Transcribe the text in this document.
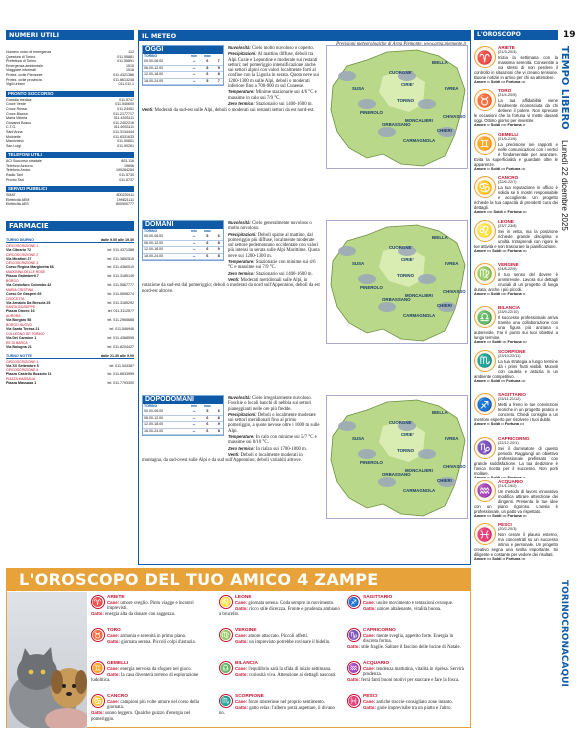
NUMERI UTILI
Numero unico di emergenza	112
Questura di Torino	011.55881
Prefettura di Torino	011.55891
Emergenza ambientale	1515
Viaggiare informati	1518
Protez. civile Piemonte	011.4321386
Protez. civile provincia	011.8613248
Vigili urbani	011.011.1
PRONTO SOCCORSO
Guardia medica	011.5747
Croce Verde	011.540600
Croce Rossa	011.24451
Croce Bianca	011.2177717
Maria Vittoria	011.4393111
Giovanni Bosco	011.2402216
C.T.O.	011.6933111
Sant'Anna	011.3134444
Molinette	011.6331633
Mauriziano	011.50801
San Luigi	011.90261
TELEFONI UTILI
ACI Soccorso stradale	803.116
Telefono Azzurro	19696
Telefono Amico	199284284
Radio Taxi	011.5730
Pronto Taxi	011.5737
SERVIZI PUBBLICI
SMAT	800239111
Elettricità AEM	199821111
Elettricità AES	800900777
FARMACIE
TURNO DIURNO	dalle 9.00 alle 19.30
CIRCOSCRIZIONE 1
Via Cibrario 72	tel. 011.4371388
CIRCOSCRIZIONE 2
Via Mirafiori 27	tel. 011.3852515
CIRCOSCRIZIONE 3
Corso Regina Margherita 66	tel. 011.4360010
MADONNA DELLE ROSE
Piazza Galimberti 7	tel. 011.3185149
BORGO
Via Cristoforo Colombo 42	tel. 011.5567777
MARIA CRISTINA
Corso De Gasperi 69	tel. 011.5598274
CROCETTA
Via Arnaldo Da Brescia 25	tel. 011.3185292
SANTA GIUSEPPE
Piazza Omero 16	tel. 011.3112577
AURORA
Via Borgaro 58	tel. 011.2965688
BORGO NUOVO
Via Santa Teresa 21	tel. 011.546946
COLLEGNO DE TORINO
Via Del Carmine 1	tel. 011.4368595
RE DI BARCA
Via Bologna 21	tel. 011.8204427
TURNO NOTTE	dalle 21.30 alle 9.00
CIRCOSCRIZIONE 1
Via XX Settembre 5	tel. 011.543387
CIRCOSCRIZIONE 6
Piazza Castello Bozzolo 11	tel. 011.6633959
PIAZZA MASSAUA
Piazza Massaua 1	tel. 011.7793300
IL METEO
Nuvolosità: Cielo molto nuvoloso o coperto.
Precipitazioni: Al mattino diffuse, deboli tra Alpi Cozie e Lepontine e moderate sui restanti settori; nel pomeriggio intensificazione anche sui settori alpini con valori localmente forti al confine con la Liguria in serata. Quota neve sui 1200-1300 m sulle Alpi, deboli o moderati inferiore fino a 700-900 m sul Cuneese.
Temperature: Minime stazionarie sui 4/6 °C e massime in calo sui 7/9 °C.
Zero termico: Stazionario sui 1400-1600 m.
Venti: Moderati da sud-est sulle Alpi, deboli o moderati sui restanti settori da est nord-est.
OGGI
TORINO	min	max	
00.00-06.00	☁	6	7
06.00-12.00	☁	8	9
12.00-18.00	☁	6	8
18.00-24.00	☁	5	7
SUSA
CUORGNE'
BIELLA
IVREA
TORINO
CIRIE'
CHIVASSO
PINEROLO
CARMAGNOLA
ORBASSANO
MONCALIERI
CHIERI
Nuvolosità: Cielo generalmente nuvoloso o molto nuvoloso.
Precipitazioni: Deboli sparse al mattino, dal pomeriggio più diffuse, localmente moderate sul settore pedemontano occidentale con valori più intensi in serata sulle Alpi Marittime. Quota neve sui 1200-1300 m.
Temperature: Stazionarie con minime sui 4/6 °C e massime sui 7/9 °C.
Zero termico: Stazionario sui 1400-1600 m.
Venti: Moderati meridionali sulle Alpi, in rotazione da sud-est dal pomeriggio; deboli o moderati da nord sull'Appennino, deboli da est nord-est altrove.
DOMANI
TORINO	min	max	
00.00-06.00	☁	5	6
06.00-12.00	☁	6	8
12.00-18.00	☁	6	9
18.00-24.00	☁	6	8
SUSA
CUORGNE'
BIELLA
IVREA
TORINO
CIRIE'
CHIVASSO
PINEROLO
CARMAGNOLA
ORBASSANO
MONCALIERI
CHIERI
Nuvolosità: Cielo irregolarmente nuvoloso. Foschie o locali banchi di nebbia sui settori pianeggianti nelle ore più fredde.
Precipitazioni: Deboli o localmente moderate sui settori meridionali fino al primo pomeriggio, a quote nevose oltre i 1000 m sulle Alpi.
Temperature: In calo con minime sui 5/7 °C e massime sui 8/10 °C.
Zero termico: In rialzo sui 1700-1800 m.
Venti: Deboli o localmente moderati in montagna, da sud-ovest sulle Alpi e da sud sull'Appennino; deboli variabili altrove.
DOPODOMANI
TORINO	min	max	
00.00-06.00	☁	5	6
06.00-12.00	☁	6	8
12.00-18.00	☁	6	9
18.00-24.00	☁	6	8
SUSA
CUORGNE'
BIELLA
IVREA
TORINO
CIRIE'
CHIVASSO
PINEROLO
CARMAGNOLA
ORBASSANO
MONCALIERI
CHIERI
L'OROSCOPO
♈
ARIETE
(21/3-20/4)
Inizia la settimana con la massima serenità. Consentite a voi stessi di non perdere il controllo in situazioni che vi creano tensione. Buone notizie in arrivo per chi sa attendere.
Amore •• Soldi ••• Fortuna •••
♉
TORO
(21/4-20/5)
La tua affidabilità viene finalmente riconosciuta da chi detiene il potere. Non sprecate le occasioni che la fortuna vi mette davanti oggi. Ottimo giorno per investire.
Amore •• Soldi •••• Fortuna ••
♊
GEMELLI
(21/5-21/6)
La precisione nei rapporti e nelle comunicazioni con i vertici è fondamentale per avanzare. Evita la superficialità e guardate oltre le apparenze.
Amore •• Soldi ••• Fortuna •••
♋
CANCRO
(22/6-22/7)
La tua reputazione in ufficio è solida se ti mostri responsabile e accogliente. Un progetto richiede la tua capacità di prenderti cura dei dettagli.
Amore •••• Soldi •• Fortuna •••
♌
LEONE
(23/7-23/8)
Sei in vetta, ma la posizione richiede grande disciplina e umiltà. Intraprendi con rigore le tue attività e non trascurare la pianificazione.
Amore ••• Soldi ••• Fortuna •••
♍
VERGINE
(24/8-22/9)
Il tuo senso del dovere è ammirevole. Lavora sui dettagli cruciali di un progetto di lunga durata, anche i più piccoli.
Amore •• Soldi •••• Fortuna ••
♎
BILANCIA
(23/9-22/10)
Il successo professionale arriva tramite una collaborazione con una figura più anziana o autorevole. Fai il punto sui tuoi obiettivi a lungo termine.
Amore ••• Soldi ••• Fortuna •••
♏
SCORPIONE
(23/10-22/11)
La tua strategia a lungo termine dà i primi frutti visibili. Muoviti con cautela e astuzia in un ambiente competitivo.
Amore •• Soldi ••• Fortuna •••
♐
SAGITTARIO
(23/11-21/12)
Metti a freno le tue convinzioni teoriche in un progetto pratico e concreto. Chiedi consiglio a un mentore esperto per risolvere i tuoi dubbi.
Amore •• Soldi •• Fortuna •••
♑
CAPRICORNO
(22/12-20/1)
Sei il dominatore di questo periodo. Raggiungi un obiettivo professionale prefissato con grande soddisfazione. La tua dedizione è l'unica ricetta per il successo. Non porti mollare.
Amore •• Soldi •••• Fortuna ••
♒
ACQUARIO
(21/1-19/2)
Un metodo di lavoro innovativo modifica attirare attenzione dei dirigenti. Presenta le tue idee con un piano rigoroso. L'ansia è professionale, un patto va rispettato.
Amore ••• Soldi ••• Fortuna •••
♓
PESCI
(20/2-20/3)
Non cerare il plauso esterno, ma concentrati su un successo intimo e personale. Un progetto creativo segna una svolta importante. Sii diligente e costante per vedere dei risultati.
Amore ••• Soldi •• Fortuna •••
19
TEMPO LIBERO Lunedì 22 dicembre 2025
TORINOCRONACAQUI
L'OROSCOPO DEL TUO AMICO 4 ZAMPE
♈ ARIETE
Cane: umore sveglio. Pinto viagge e incontri imprevisti.
Gatto: energia alta da donare con saggezza.
♉ TORO
Cane: armonia e serenità in primo piano.
Gatto: giornata serena. Piccoli colpi d'astuzia.
♊ GEMELLI
Cane: energia nervosa da sfogare nel gioco.
Gatto: la casa diventerà terreno di esplorazione ludolitica.
♋ CANCRO
Cane: campioni più volte umore nel corso della giornata.
Gatto: sonno leggero. Qualche guizzo d'energia nel pomeriggio.
♌ LEONE
Cane: giornata serena. Coda sempre in movimento.
Gatto: ricco stile dicerzza. Fronte e prudenza ambiano a brucello.
♍ VERGINE
Cane: amore attaccato. Piccoli affetti.
Gatto: un imprevisto potrebbe rovinare il bidello.
♎ BILANCIA
Cane: l'equilibrio sarà la sfida di inizio settimana.
Gatto: curiosità viva. Attenzione ai dettagli nascosti.
♏ SCORPIONE
Cane: forze misteriose nel proprio sentimento.
Gatto: gatto relax: l'albero potrà aspettare, il divano no.
♐ SAGITTARIO
Cane: uscite movimento e tentazioni ovunque.
Gatto: umore altalenante, vitalità buona.
♑ CAPRICORNO
Cane: mente sveglia, appetito forte. Energia in discreta forma.
Gatto: stile fragile. Saltare il fascino delle lucine di Natale.
♒ ACQUARIO
Cane: tendenza mattutina, vitalità in ripresa. Servirà prudenza.
Gatto: ferrà fanti buoni motivi per staccare e fare la fosca.
♓ PESCI
Cane: antiche traccie-consigliato zone intanto.
Gatto: giole imprevisibe tra un piatto e l'altro.
